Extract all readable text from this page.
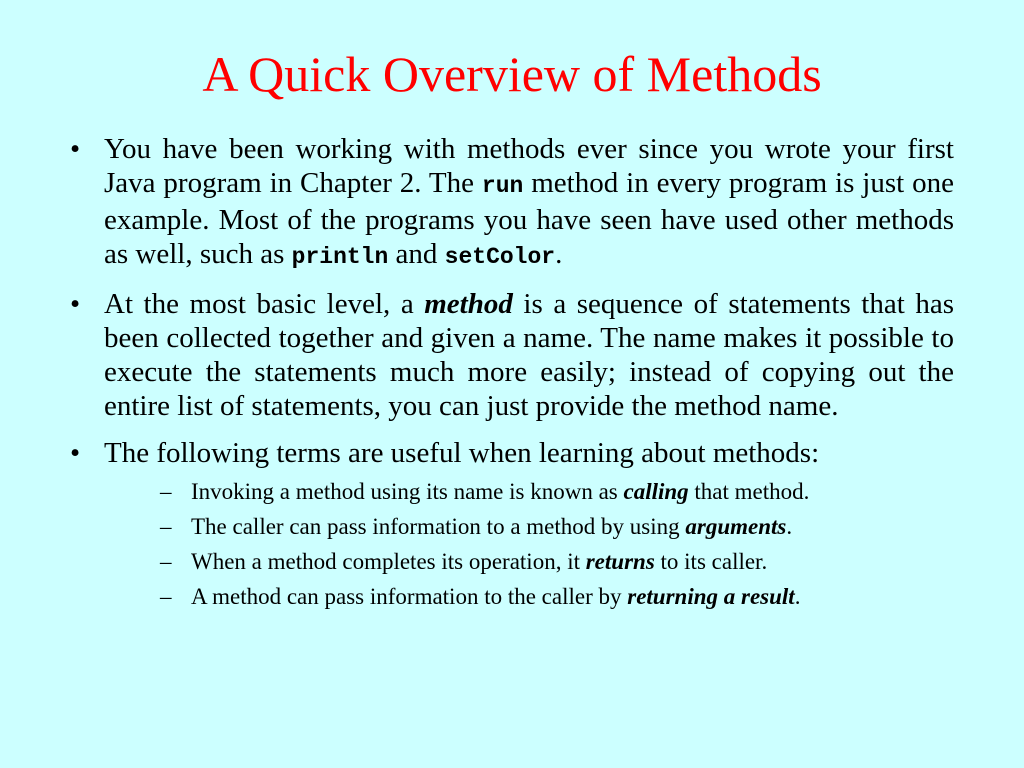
A Quick Overview of Methods
• You have been working with methods ever since you wrote your first Java program in Chapter 2. The run method in every program is just one example. Most of the programs you have seen have used other methods as well, such as println and setColor.
• At the most basic level, a method is a sequence of statements that has been collected together and given a name. The name makes it possible to execute the statements much more easily; instead of copying out the entire list of statements, you can just provide the method name.
• The following terms are useful when learning about methods:
– Invoking a method using its name is known as calling that method.
– The caller can pass information to a method by using arguments.
– When a method completes its operation, it returns to its caller.
– A method can pass information to the caller by returning a result.
